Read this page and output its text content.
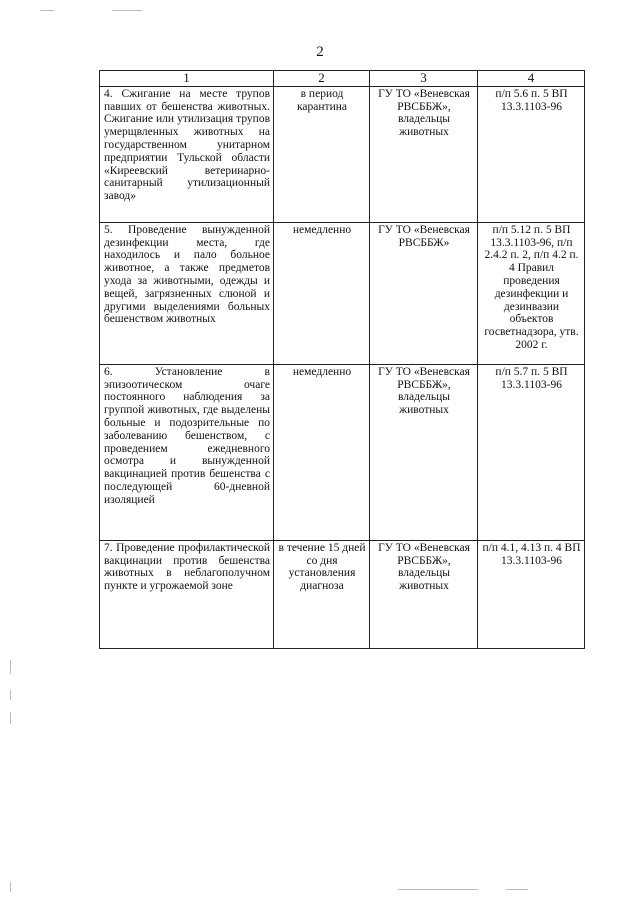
2
1	2	3	4
4. Сжигание на месте трупов павших от бешенства животных. Сжигание или утилизация трупов умерщвленных животных на государственном унитарном предприятии Тульской области «Киреевский ветеринарно-санитарный утилизационный завод»	в период карантина	ГУ ТО «Веневская РВСББЖ», владельцы животных	п/п 5.6 п. 5 ВП 13.3.1103-96
5. Проведение вынужденной дезинфекции места, где находилось и пало больное животное, а также предметов ухода за животными, одежды и вещей, загрязненных слюной и другими выделениями больных бешенством животных	немедленно	ГУ ТО «Веневская РВСББЖ»	п/п 5.12 п. 5 ВП 13.3.1103-96, п/п 2.4.2 п. 2, п/п 4.2 п. 4 Правил проведения дезинфекции и дезинвазии объектов госветнадзора, утв. 2002 г.
6. Установление в эпизоотическом очаге постоянного наблюдения за группой животных, где выделены больные и подозрительные по заболеванию бешенством, с проведением ежедневного осмотра и вынужденной вакцинацией против бешенства с последующей 60-дневной изоляцией	немедленно	ГУ ТО «Веневская РВСББЖ», владельцы животных	п/п 5.7 п. 5 ВП 13.3.1103-96
7. Проведение профилактической вакцинации против бешенства животных в неблагополучном пункте и угрожаемой зоне	в течение 15 дней со дня установления диагноза	ГУ ТО «Веневская РВСББЖ», владельцы животных	п/п 4.1, 4.13 п. 4 ВП 13.3.1103-96
